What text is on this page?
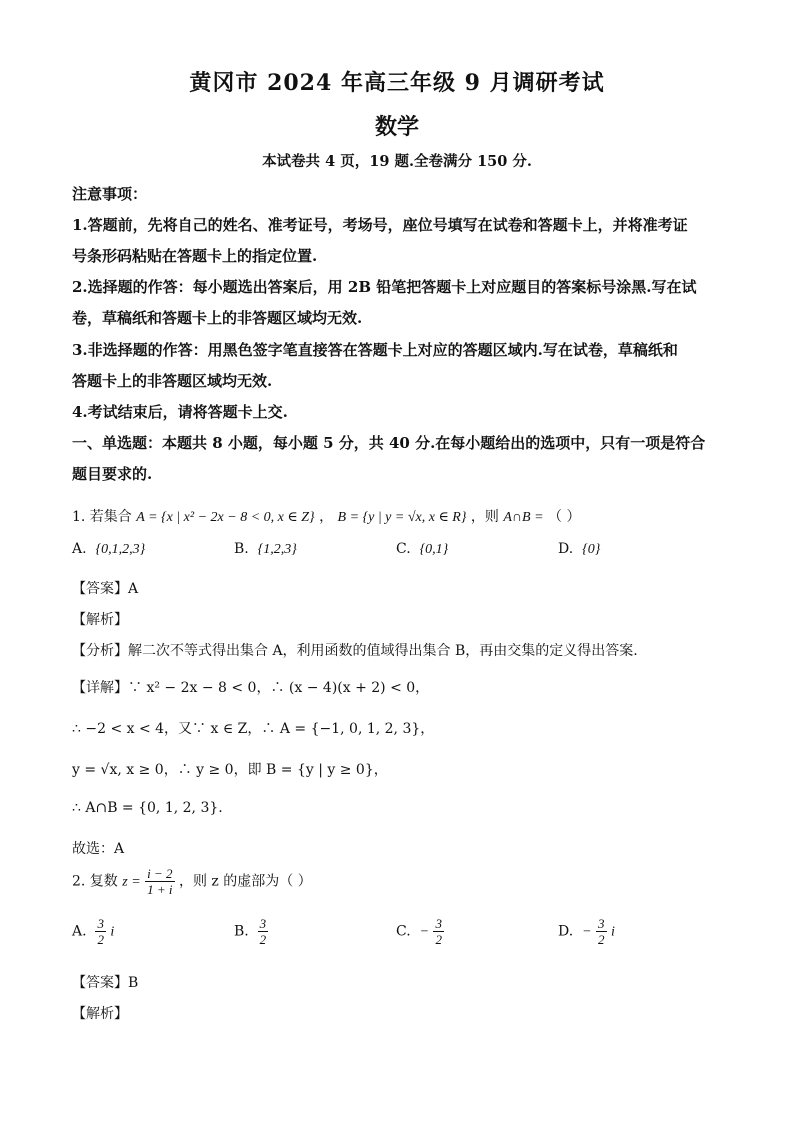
黄冈市 2024 年高三年级 9 月调研考试
数学
本试卷共 4 页，19 题.全卷满分 150 分.
注意事项：
1.答题前，先将自己的姓名、准考证号，考场号，座位号填写在试卷和答题卡上，并将准考证
号条形码粘贴在答题卡上的指定位置.
2.选择题的作答：每小题选出答案后，用 2B 铅笔把答题卡上对应题目的答案标号涂黑.写在试
卷，草稿纸和答题卡上的非答题区域均无效.
3.非选择题的作答：用黑色签字笔直接答在答题卡上对应的答题区域内.写在试卷，草稿纸和
答题卡上的非答题区域均无效.
4.考试结束后，请将答题卡上交.
一、单选题：本题共 8 小题，每小题 5 分，共 40 分.在每小题给出的选项中，只有一项是符合
题目要求的.
1. 若集合 A = {x | x² − 2x − 8 < 0, x ∈ Z} ， B = {y | y = √x, x ∈ R} ，则 A∩B = （ ）
A. {0,1,2,3}	B. {1,2,3}	C. {0,1}	D. {0}
【答案】A
【解析】
【分析】解二次不等式得出集合 A，利用函数的值域得出集合 B，再由交集的定义得出答案.
【详解】∵ x² − 2x − 8 < 0，∴ (x − 4)(x + 2) < 0，
∴ −2 < x < 4，又∵ x ∈ Z，∴ A = {−1, 0, 1, 2, 3}，
y = √x, x ≥ 0，∴ y ≥ 0，即 B = {y | y ≥ 0}，
∴ A∩B = {0, 1, 2, 3}.
故选：A
2. 复数 $z = \frac{i - 2}{1 + i}$ ，则 z 的虚部为（ ）
A. $\frac{3}{2}$ i	B. $\frac{3}{2}$	C. − $\frac{3}{2}$	D. − $\frac{3}{2}$ i
【答案】B
【解析】
